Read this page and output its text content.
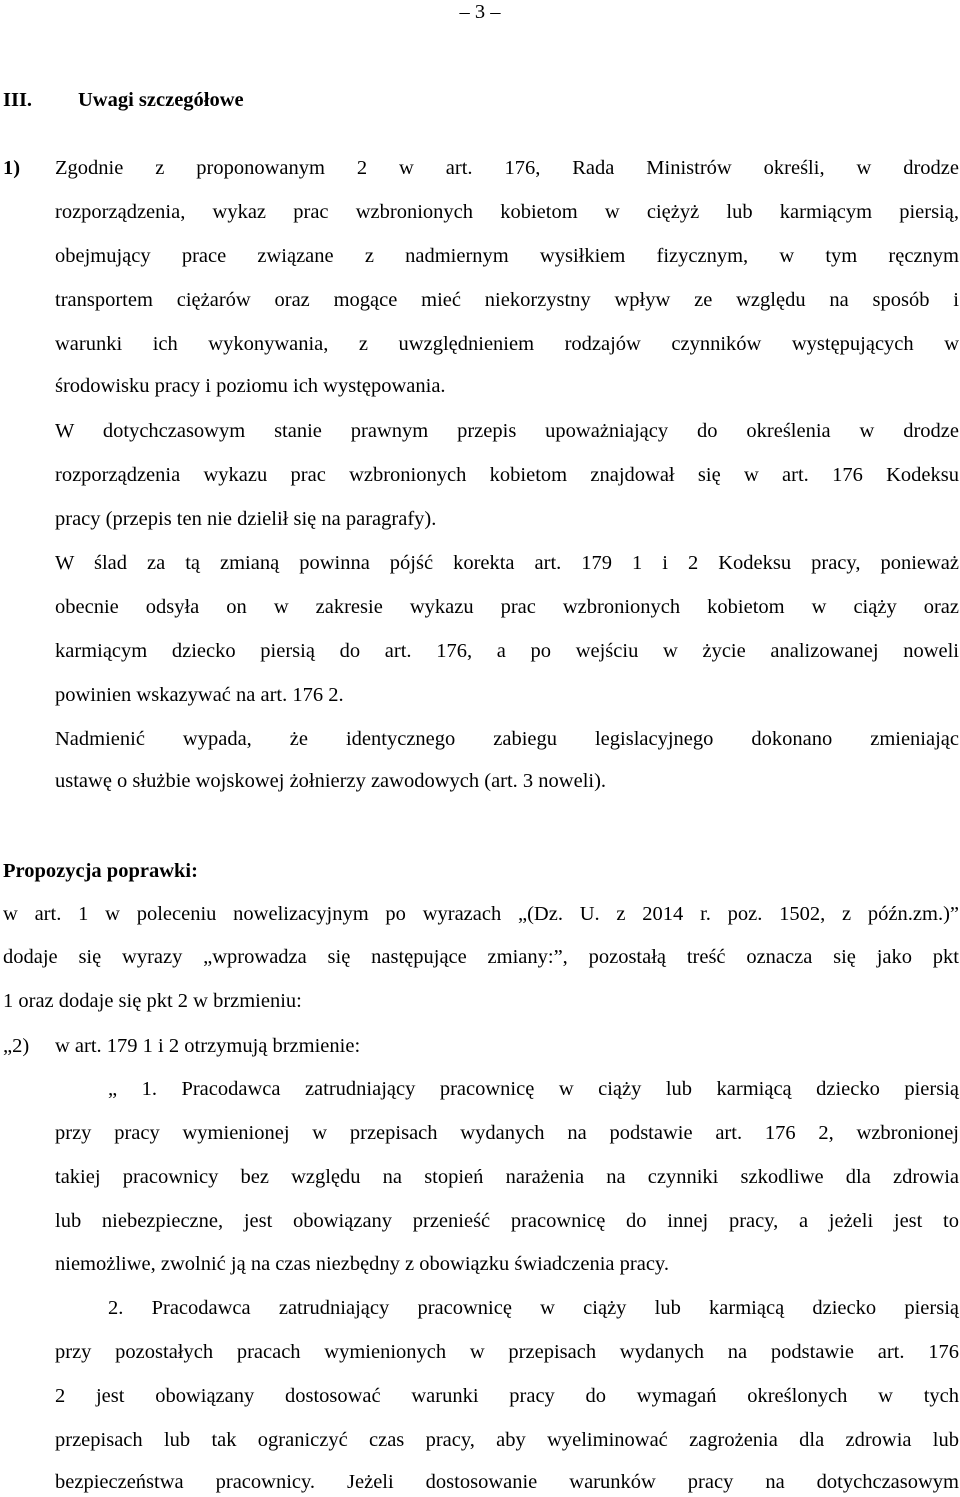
– 3 –
III. Uwagi szczegółowe
1) Zgodnie z proponowanym 2 w art. 176, Rada Ministrów określi, w drodze
rozporządzenia, wykaz prac wzbronionych kobietom w ciężyż lub karmiącym piersią,
obejmujący prace związane z nadmiernym wysiłkiem fizycznym, w tym ręcznym
transportem ciężarów oraz mogące mieć niekorzystny wpływ ze względu na sposób i
warunki ich wykonywania, z uwzględnieniem rodzajów czynników występujących w
środowisku pracy i poziomu ich występowania.
W dotychczasowym stanie prawnym przepis upoważniający do określenia w drodze
rozporządzenia wykazu prac wzbronionych kobietom znajdował się w art. 176 Kodeksu
pracy (przepis ten nie dzielił się na paragrafy).
W ślad za tą zmianą powinna pójść korekta art. 179 1 i 2 Kodeksu pracy, ponieważ
obecnie odsyła on w zakresie wykazu prac wzbronionych kobietom w ciąży oraz
karmiącym dziecko piersią do art. 176, a po wejściu w życie analizowanej noweli
powinien wskazywać na art. 176 2.
Nadmienić wypada, że identycznego zabiegu legislacyjnego dokonano zmieniając
ustawę o służbie wojskowej żołnierzy zawodowych (art. 3 noweli).
Propozycja poprawki:
w art. 1 w poleceniu nowelizacyjnym po wyrazach „(Dz. U. z 2014 r. poz. 1502, z późn.zm.)”
dodaje się wyrazy „wprowadza się następujące zmiany:”, pozostałą treść oznacza się jako pkt
1 oraz dodaje się pkt 2 w brzmieniu:
„2) w art. 179 1 i 2 otrzymują brzmienie:
„ 1. Pracodawca zatrudniający pracownicę w ciąży lub karmiącą dziecko piersią
przy pracy wymienionej w przepisach wydanych na podstawie art. 176 2, wzbronionej
takiej pracownicy bez względu na stopień narażenia na czynniki szkodliwe dla zdrowia
lub niebezpieczne, jest obowiązany przenieść pracownicę do innej pracy, a jeżeli jest to
niemożliwe, zwolnić ją na czas niezbędny z obowiązku świadczenia pracy.
2. Pracodawca zatrudniający pracownicę w ciąży lub karmiącą dziecko piersią
przy pozostałych pracach wymienionych w przepisach wydanych na podstawie art. 176
2 jest obowiązany dostosować warunki pracy do wymagań określonych w tych
przepisach lub tak ograniczyć czas pracy, aby wyeliminować zagrożenia dla zdrowia lub
bezpieczeństwa pracownicy. Jeżeli dostosowanie warunków pracy na dotychczasowym
